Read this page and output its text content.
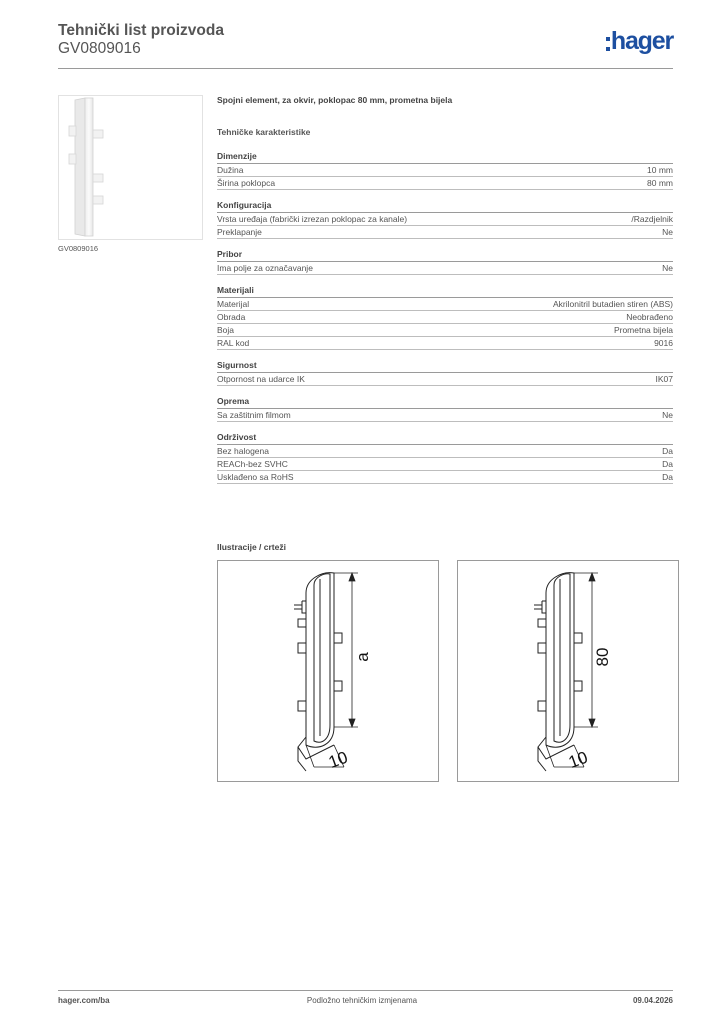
Tehnički list proizvoda
GV0809016	hager
GV0809016
Spojni element, za okvir, poklopac 80 mm, prometna bijela
Tehničke karakteristike
Dimenzije
Dužina	10 mm
Širina poklopca	80 mm
Konfiguracija
Vrsta uređaja (fabrički izrezan poklopac za kanale)	/Razdjelnik
Preklapanje	Ne
Pribor
Ima polje za označavanje	Ne
Materijali
Materijal	Akrilonitril butadien stiren (ABS)
Obrada	Neobrađeno
Boja	Prometna bijela
RAL kod	9016
Sigurnost
Otpornost na udarce IK	IK07
Oprema
Sa zaštitnim filmom	Ne
Održivost
Bez halogena	Da
REACh-bez SVHC	Da
Usklađeno sa RoHS	Da
Ilustracije / crteži
a
10
80
10
hager.com/ba	Podložno tehničkim izmjenama	09.04.2026
